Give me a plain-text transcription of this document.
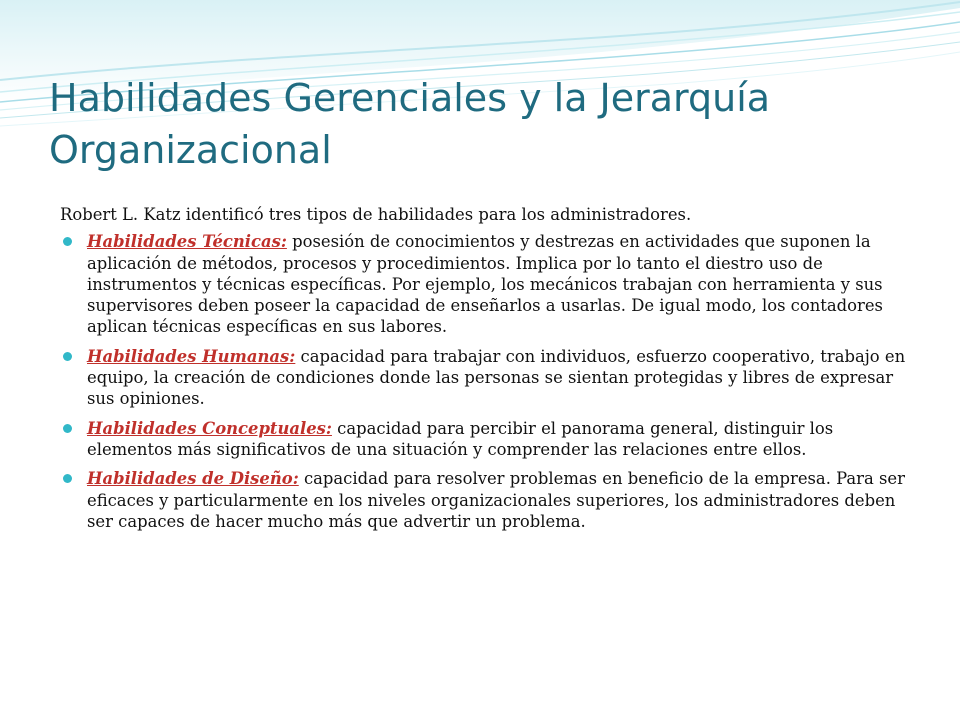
Habilidades Gerenciales y la Jerarquía Organizacional

Robert L. Katz identificó tres tipos de habilidades para los administradores.

Habilidades Técnicas: posesión de conocimientos y destrezas en actividades que suponen la aplicación de métodos, procesos y procedimientos. Implica por lo tanto el diestro uso de instrumentos y técnicas específicas. Por ejemplo, los mecánicos trabajan con herramienta y sus supervisores deben poseer la capacidad de enseñarlos a usarlas. De igual modo, los contadores aplican técnicas específicas en sus labores.
Habilidades Humanas: capacidad para trabajar con individuos, esfuerzo cooperativo, trabajo en equipo, la creación de condiciones donde las personas se sientan protegidas y libres de expresar sus opiniones.
Habilidades Conceptuales: capacidad para percibir el panorama general, distinguir los elementos más significativos de una situación y comprender las relaciones entre ellos.
Habilidades de Diseño: capacidad para resolver problemas en beneficio de la empresa. Para ser eficaces y particularmente en los niveles organizacionales superiores, los administradores deben ser capaces de hacer mucho más que advertir un problema.
